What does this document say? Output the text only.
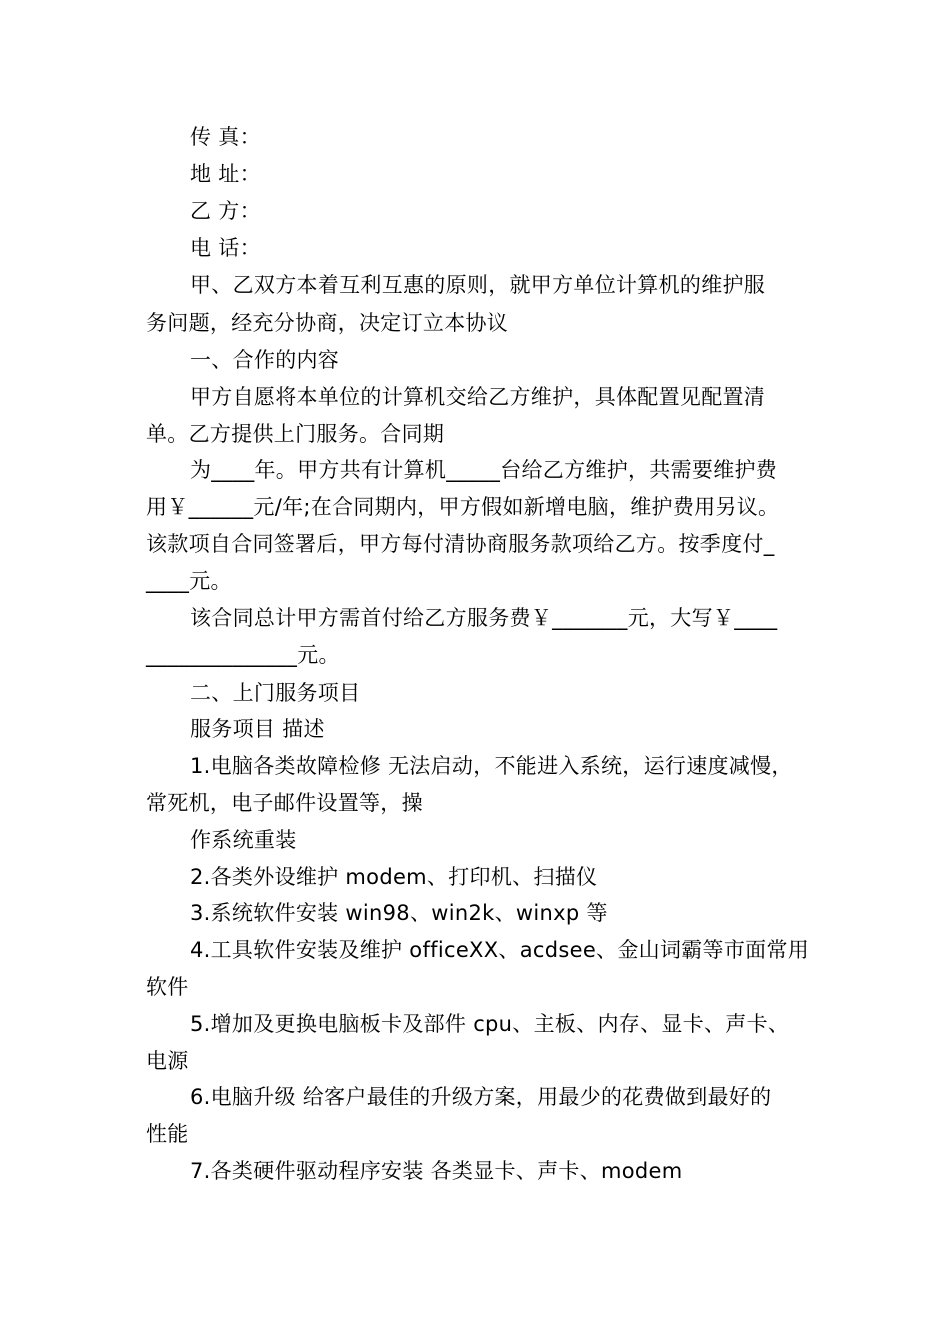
传 真：
地 址：
乙 方：
电 话：
甲、乙双方本着互利互惠的原则，就甲方单位计算机的维护服
务问题，经充分协商，决定订立本协议
一、合作的内容
甲方自愿将本单位的计算机交给乙方维护，具体配置见配置清
单。乙方提供上门服务。合同期
为____年。甲方共有计算机_____台给乙方维护，共需要维护费
用￥______元/年;在合同期内，甲方假如新增电脑，维护费用另议。
该款项自合同签署后，甲方每付清协商服务款项给乙方。按季度付_
____元。
该合同总计甲方需首付给乙方服务费￥_______元，大写￥____
______________元。
二、上门服务项目
服务项目 描述
1.电脑各类故障检修 无法启动，不能进入系统，运行速度减慢，
常死机，电子邮件设置等，操
作系统重装
2.各类外设维护 modem、打印机、扫描仪
3.系统软件安装 win98、win2k、winxp 等
4.工具软件安装及维护 officeXX、acdsee、金山词霸等市面常用
软件
5.增加及更换电脑板卡及部件 cpu、主板、内存、显卡、声卡、
电源
6.电脑升级 给客户最佳的升级方案，用最少的花费做到最好的
性能
7.各类硬件驱动程序安装 各类显卡、声卡、modem
